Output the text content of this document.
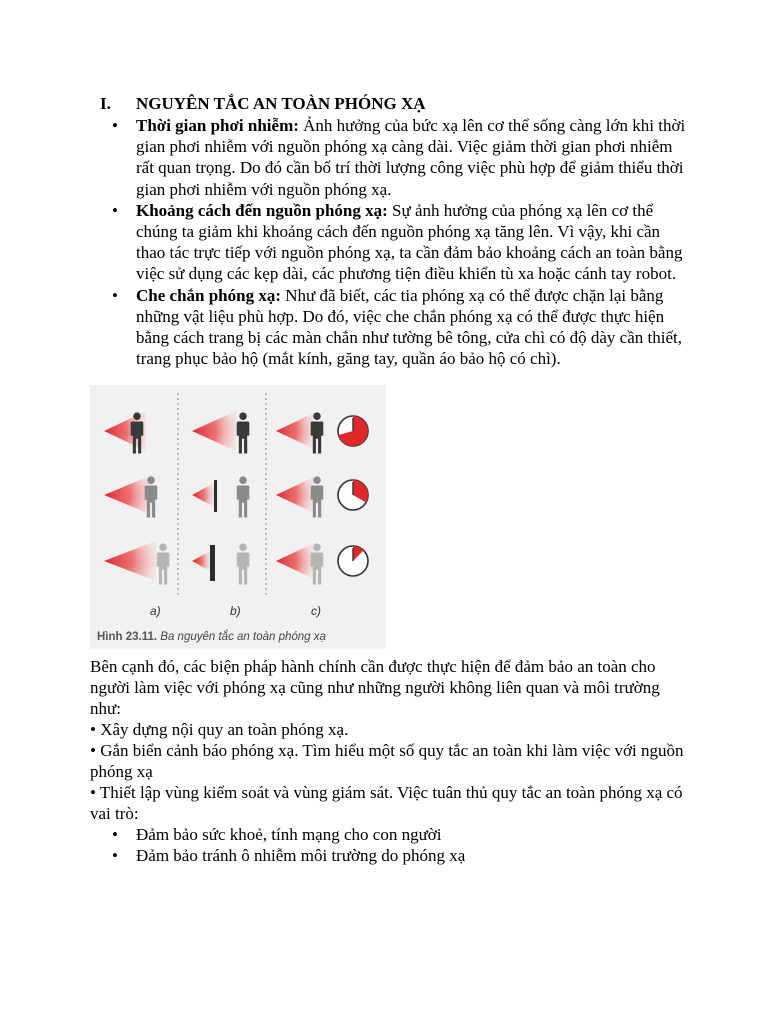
I. NGUYÊN TẮC AN TOÀN PHÓNG XẠ
• Thời gian phơi nhiễm: Ảnh hưởng của bức xạ lên cơ thể sống càng lớn khi thời gian phơi nhiễm với nguồn phóng xạ càng dài. Việc giảm thời gian phơi nhiễm rất quan trọng. Do đó cần bố trí thời lượng công việc phù hợp để giảm thiểu thời gian phơi nhiễm với nguồn phóng xạ.
• Khoảng cách đến nguồn phóng xạ: Sự ảnh hưởng của phóng xạ lên cơ thể chúng ta giảm khi khoảng cách đến nguồn phóng xạ tăng lên. Vì vậy, khi cần thao tác trực tiếp với nguồn phóng xạ, ta cần đảm bảo khoảng cách an toàn bằng việc sử dụng các kẹp dài, các phương tiện điều khiển tù xa hoặc cánh tay robot.
• Che chắn phóng xạ: Như đã biết, các tia phóng xạ có thể được chặn lại bằng những vật liệu phù hợp. Do đó, việc che chắn phóng xạ có thể được thực hiện bằng cách trang bị các màn chắn như tường bê tông, cửa chì có độ dày cần thiết, trang phục bảo hộ (mắt kính, găng tay, quần áo bảo hộ có chì).
a)	b)	c)
Hình 23.11. Ba nguyên tắc an toàn phóng xạ

Bên cạnh đó, các biện pháp hành chính cần được thực hiện để đảm bảo an toàn cho người làm việc với phóng xạ cũng như những người không liên quan và môi trường như:

• Xây dựng nội quy an toàn phóng xạ.

• Gắn biển cảnh báo phóng xạ. Tìm hiểu một số quy tắc an toàn khi làm việc với nguồn phóng xạ

• Thiết lập vùng kiểm soát và vùng giám sát. Việc tuân thủ quy tắc an toàn phóng xạ có vai trò:

• Đảm bảo sức khoẻ, tính mạng cho con người
• Đảm bảo tránh ô nhiễm môi trường do phóng xạ
